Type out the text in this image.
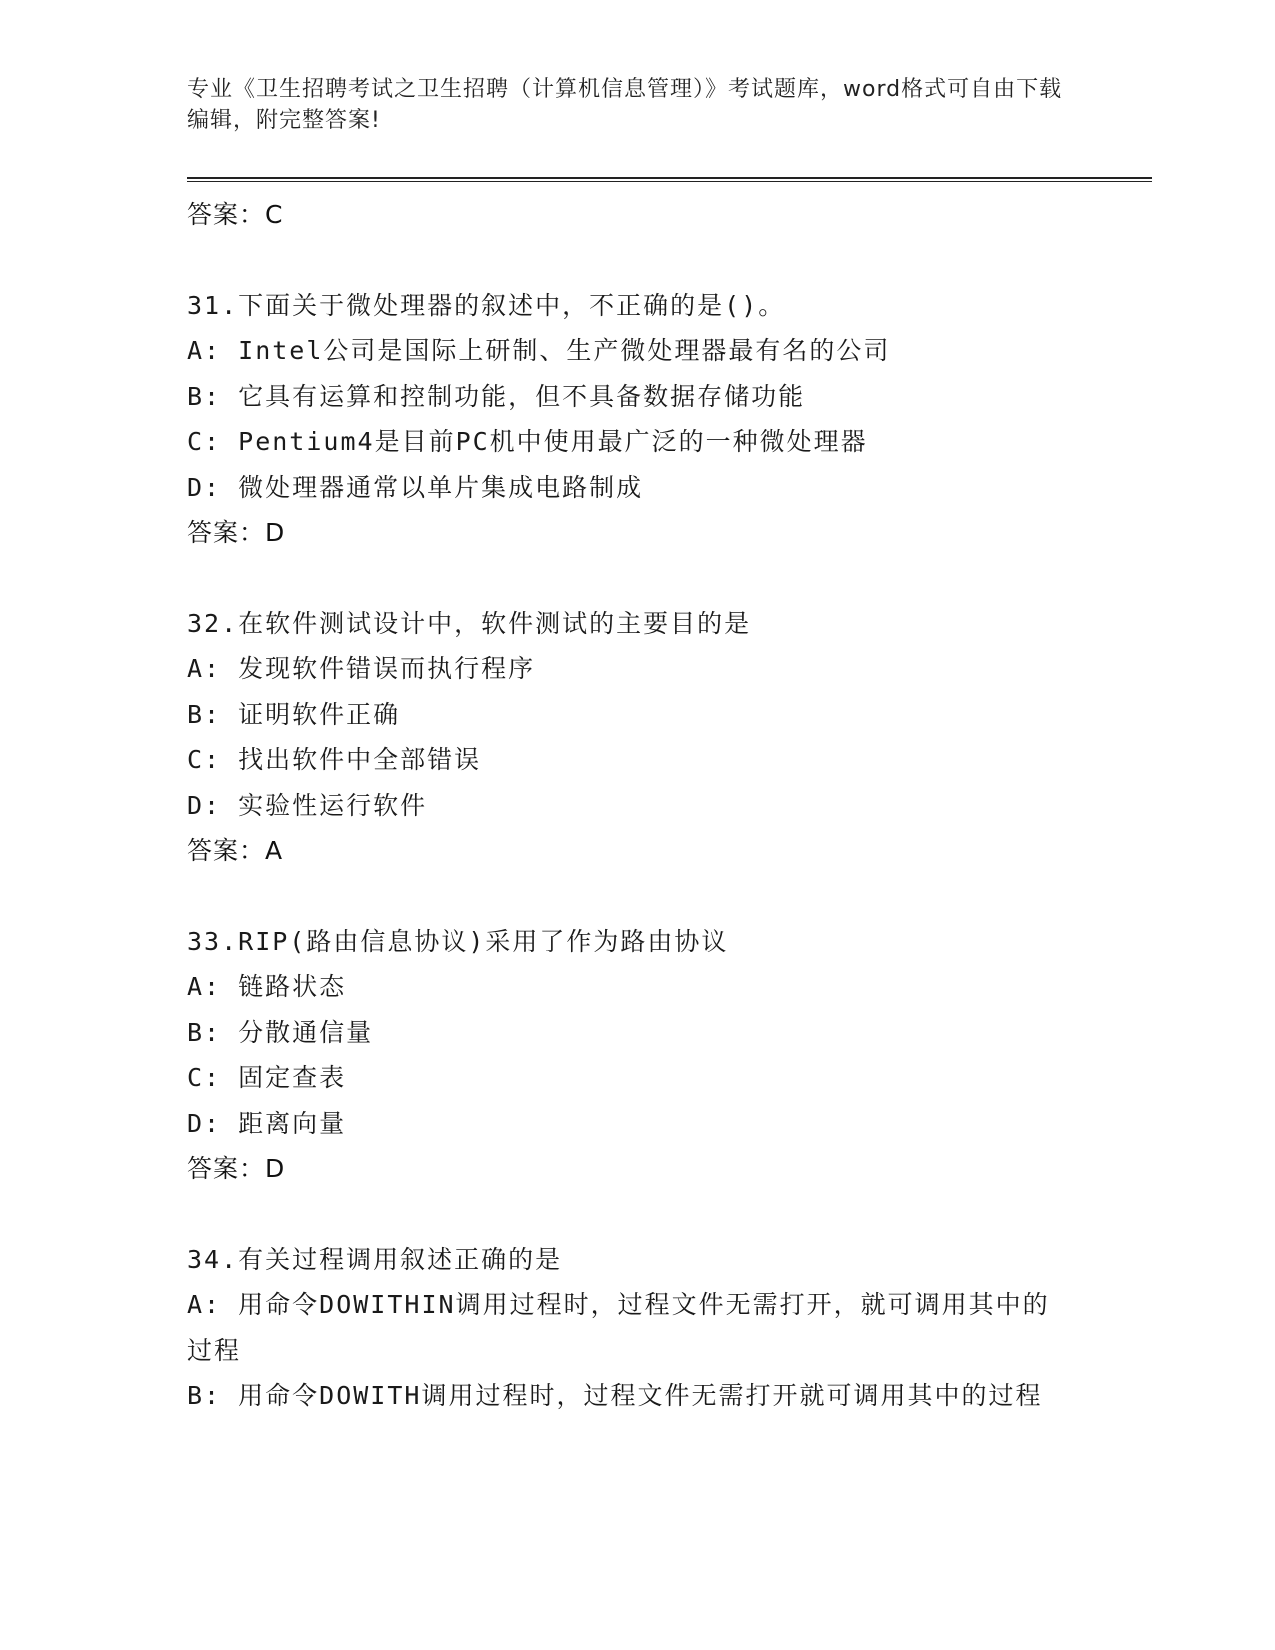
专业《卫生招聘考试之卫生招聘（计算机信息管理）》考试题库，word格式可自由下载编辑，附完整答案!
答案：C
31.下面关于微处理器的叙述中，不正确的是()。
A: Intel公司是国际上研制、生产微处理器最有名的公司
B: 它具有运算和控制功能，但不具备数据存储功能
C: Pentium4是目前PC机中使用最广泛的一种微处理器
D: 微处理器通常以单片集成电路制成
答案：D
32.在软件测试设计中，软件测试的主要目的是
A: 发现软件错误而执行程序
B: 证明软件正确
C: 找出软件中全部错误
D: 实验性运行软件
答案：A
33.RIP(路由信息协议)采用了作为路由协议
A: 链路状态
B: 分散通信量
C: 固定查表
D: 距离向量
答案：D
34.有关过程调用叙述正确的是
A: 用命令DOWITHIN调用过程时，过程文件无需打开，就可调用其中的过程
B: 用命令DOWITH调用过程时，过程文件无需打开就可调用其中的过程
